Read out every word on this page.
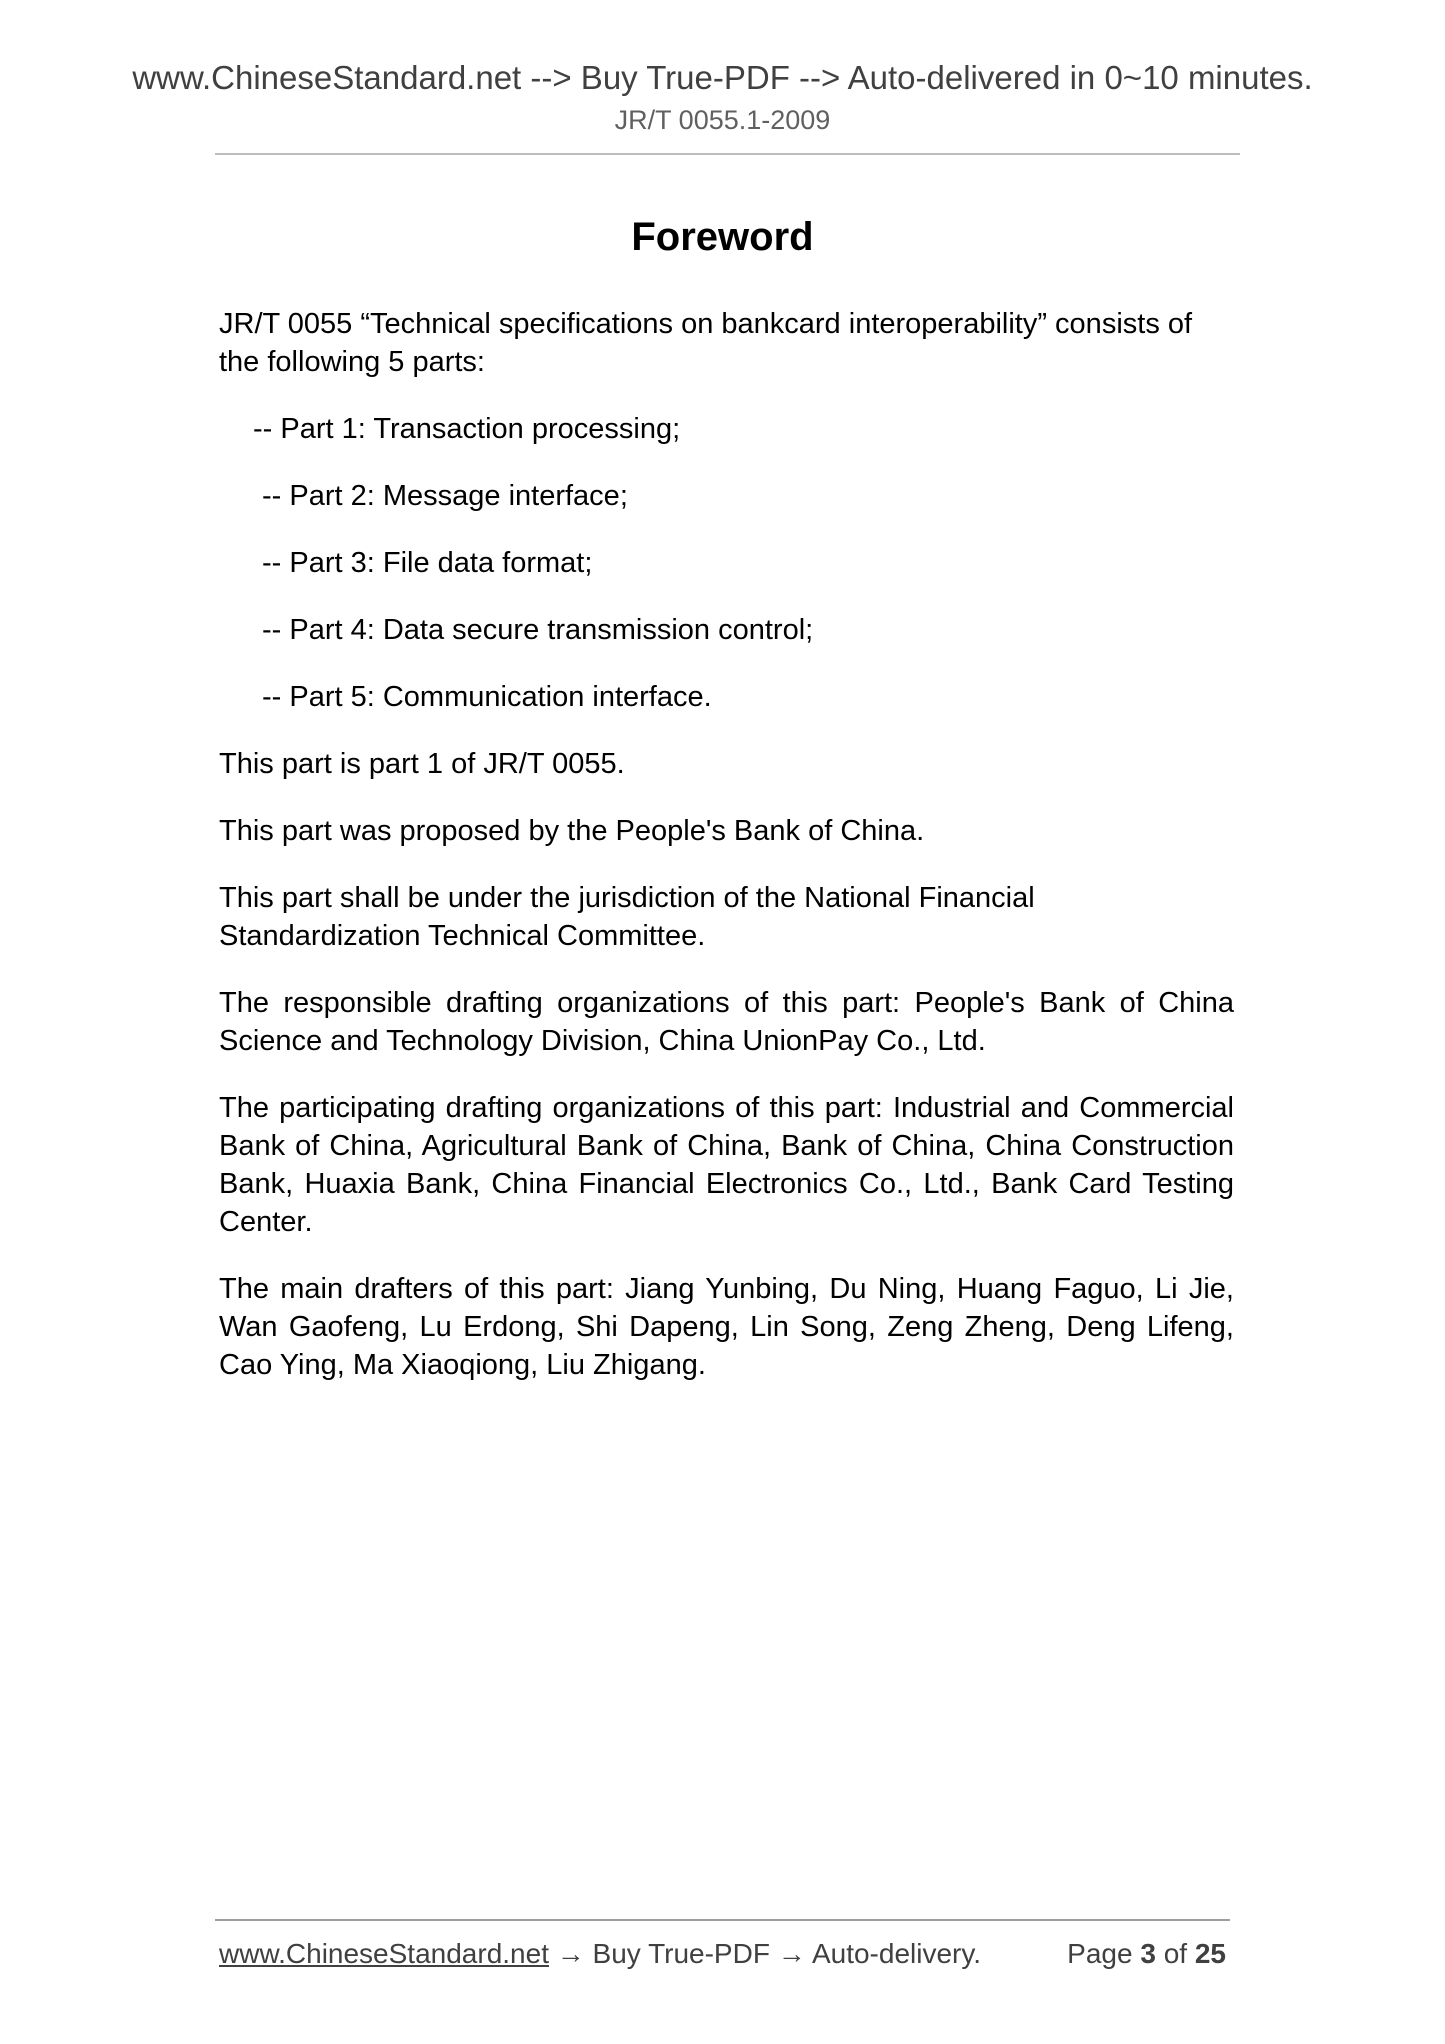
www.ChineseStandard.net --> Buy True-PDF --> Auto-delivered in 0~10 minutes.
JR/T 0055.1-2009
Foreword

JR/T 0055 “Technical specifications on bankcard interoperability” consists of the following 5 parts:

-- Part 1: Transaction processing;

-- Part 2: Message interface;

-- Part 3: File data format;

-- Part 4: Data secure transmission control;

-- Part 5: Communication interface.

This part is part 1 of JR/T 0055.

This part was proposed by the People's Bank of China.

This part shall be under the jurisdiction of the National Financial Standardization Technical Committee.

The responsible drafting organizations of this part: People's Bank of China Science and Technology Division, China UnionPay Co., Ltd.

The participating drafting organizations of this part: Industrial and Commercial Bank of China, Agricultural Bank of China, Bank of China, China Construction Bank, Huaxia Bank, China Financial Electronics Co., Ltd., Bank Card Testing Center.

The main drafters of this part: Jiang Yunbing, Du Ning, Huang Faguo, Li Jie, Wan Gaofeng, Lu Erdong, Shi Dapeng, Lin Song, Zeng Zheng, Deng Lifeng, Cao Ying, Ma Xiaoqiong, Liu Zhigang.

www.ChineseStandard.net → Buy True-PDF → Auto-delivery.	Page 3 of 25
